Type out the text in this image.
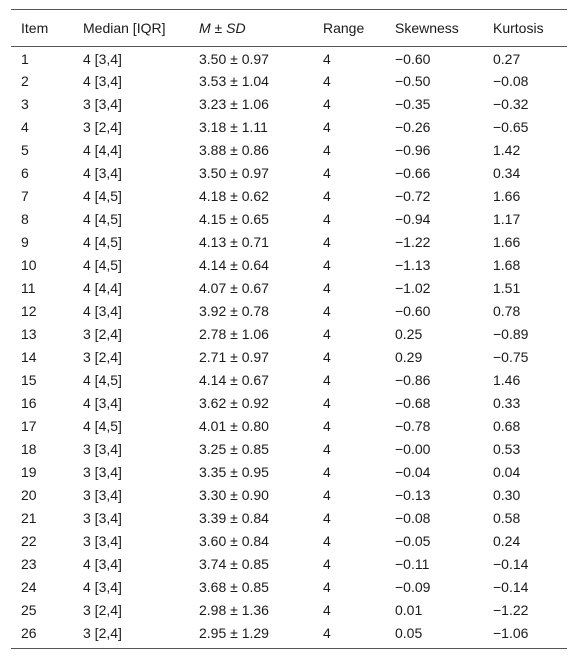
Item	Median [IQR]	M ± SD	Range	Skewness	Kurtosis
1	4 [3,4]	3.50 ± 0.97	4	−0.60	0.27
2	4 [3,4]	3.53 ± 1.04	4	−0.50	−0.08
3	3 [3,4]	3.23 ± 1.06	4	−0.35	−0.32
4	3 [2,4]	3.18 ± 1.11	4	−0.26	−0.65
5	4 [4,4]	3.88 ± 0.86	4	−0.96	1.42
6	4 [3,4]	3.50 ± 0.97	4	−0.66	0.34
7	4 [4,5]	4.18 ± 0.62	4	−0.72	1.66
8	4 [4,5]	4.15 ± 0.65	4	−0.94	1.17
9	4 [4,5]	4.13 ± 0.71	4	−1.22	1.66
10	4 [4,5]	4.14 ± 0.64	4	−1.13	1.68
11	4 [4,4]	4.07 ± 0.67	4	−1.02	1.51
12	4 [3,4]	3.92 ± 0.78	4	−0.60	0.78
13	3 [2,4]	2.78 ± 1.06	4	0.25	−0.89
14	3 [2,4]	2.71 ± 0.97	4	0.29	−0.75
15	4 [4,5]	4.14 ± 0.67	4	−0.86	1.46
16	4 [3,4]	3.62 ± 0.92	4	−0.68	0.33
17	4 [4,5]	4.01 ± 0.80	4	−0.78	0.68
18	3 [3,4]	3.25 ± 0.85	4	−0.00	0.53
19	3 [3,4]	3.35 ± 0.95	4	−0.04	0.04
20	3 [3,4]	3.30 ± 0.90	4	−0.13	0.30
21	3 [3,4]	3.39 ± 0.84	4	−0.08	0.58
22	3 [3,4]	3.60 ± 0.84	4	−0.05	0.24
23	4 [3,4]	3.74 ± 0.85	4	−0.11	−0.14
24	4 [3,4]	3.68 ± 0.85	4	−0.09	−0.14
25	3 [2,4]	2.98 ± 1.36	4	0.01	−1.22
26	3 [2,4]	2.95 ± 1.29	4	0.05	−1.06
